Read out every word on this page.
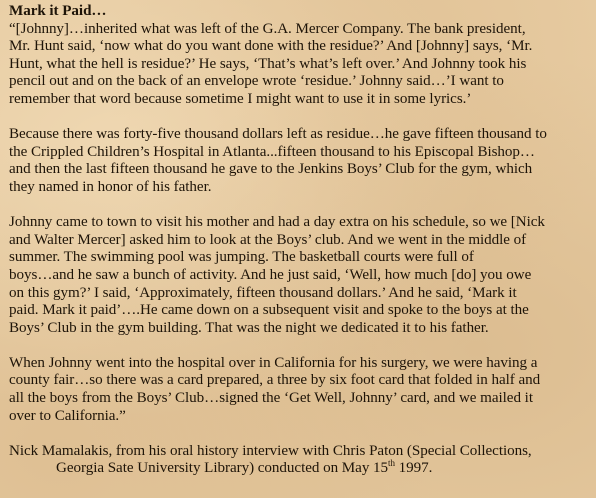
Mark it Paid…
“[Johnny]…inherited what was left of the G.A. Mercer Company. The bank president,
Mr. Hunt said, ‘now what do you want done with the residue?’ And [Johnny] says, ‘Mr.
Hunt, what the hell is residue?’ He says, ‘That’s what’s left over.’ And Johnny took his
pencil out and on the back of an envelope wrote ‘residue.’ Johnny said…’I want to
remember that word because sometime I might want to use it in some lyrics.’
Because there was forty-five thousand dollars left as residue…he gave fifteen thousand to
the Crippled Children’s Hospital in Atlanta...fifteen thousand to his Episcopal Bishop…
and then the last fifteen thousand he gave to the Jenkins Boys’ Club for the gym, which
they named in honor of his father.
Johnny came to town to visit his mother and had a day extra on his schedule, so we [Nick
and Walter Mercer] asked him to look at the Boys’ club. And we went in the middle of
summer. The swimming pool was jumping. The basketball courts were full of
boys…and he saw a bunch of activity. And he just said, ‘Well, how much [do] you owe
on this gym?’ I said, ‘Approximately, fifteen thousand dollars.’ And he said, ‘Mark it
paid. Mark it paid’….He came down on a subsequent visit and spoke to the boys at the
Boys’ Club in the gym building. That was the night we dedicated it to his father.
When Johnny went into the hospital over in California for his surgery, we were having a
county fair…so there was a card prepared, a three by six foot card that folded in half and
all the boys from the Boys’ Club…signed the ‘Get Well, Johnny’ card, and we mailed it
over to California.”
Nick Mamalakis, from his oral history interview with Chris Paton (Special Collections,
Georgia Sate University Library) conducted on May 15th 1997.
